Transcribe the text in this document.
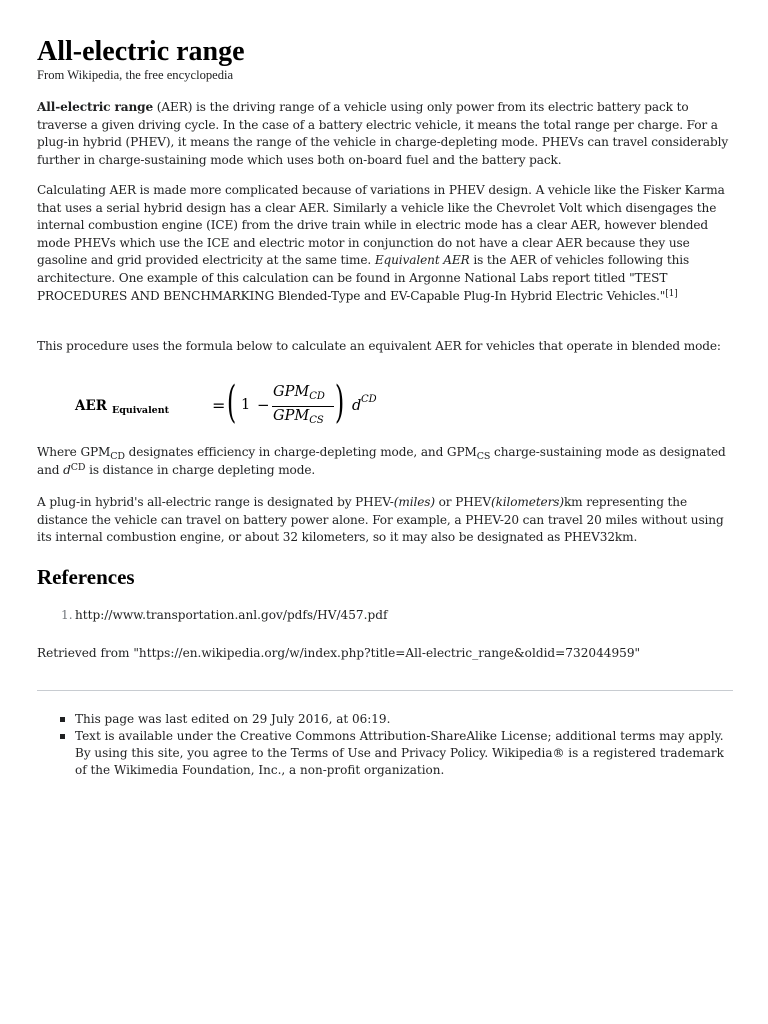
All-electric range
From Wikipedia, the free encyclopedia

All-electric range (AER) is the driving range of a vehicle using only power from its electric battery pack to traverse a given driving cycle. In the case of a battery electric vehicle, it means the total range per charge. For a plug-in hybrid (PHEV), it means the range of the vehicle in charge-depleting mode. PHEVs can travel considerably further in charge-sustaining mode which uses both on-board fuel and the battery pack.

Calculating AER is made more complicated because of variations in PHEV design. A vehicle like the Fisker Karma that uses a serial hybrid design has a clear AER. Similarly a vehicle like the Chevrolet Volt which disengages the internal combustion engine (ICE) from the drive train while in electric mode has a clear AER, however blended mode PHEVs which use the ICE and electric motor in conjunction do not have a clear AER because they use gasoline and grid provided electricity at the same time. Equivalent AER is the AER of vehicles following this architecture. One example of this calculation can be found in Argonne National Labs report titled "TEST PROCEDURES AND BENCHMARKING Blended-Type and EV-Capable Plug-In Hybrid Electric Vehicles."[1]

This procedure uses the formula below to calculate an equivalent AER for vehicles that operate in blended mode:

AER Equivalent	= ( 1 −
$GPM_{CD}$
$GPM_{CS}$ ) d CD

Where $GPM_{CD}$ designates efficiency in charge-depleting mode, and $GPM_{CS}$ charge-sustaining mode as designated and $d^{CD}$ is distance in charge depleting mode.

A plug-in hybrid's all-electric range is designated by PHEV-(miles) or PHEV(kilometers)km representing the distance the vehicle can travel on battery power alone. For example, a PHEV-20 can travel 20 miles without using its internal combustion engine, or about 32 kilometers, so it may also be designated as PHEV32km.

References
1. http://www.transportation.anl.gov/pdfs/HV/457.pdf
Retrieved from "https://en.wikipedia.org/w/index.php?title=All-electric_range&oldid=732044959"

This page was last edited on 29 July 2016, at 06:19.

Text is available under the Creative Commons Attribution-ShareAlike License; additional terms may apply. By using this site, you agree to the Terms of Use and Privacy Policy. Wikipedia® is a registered trademark of the Wikimedia Foundation, Inc., a non-profit organization.
